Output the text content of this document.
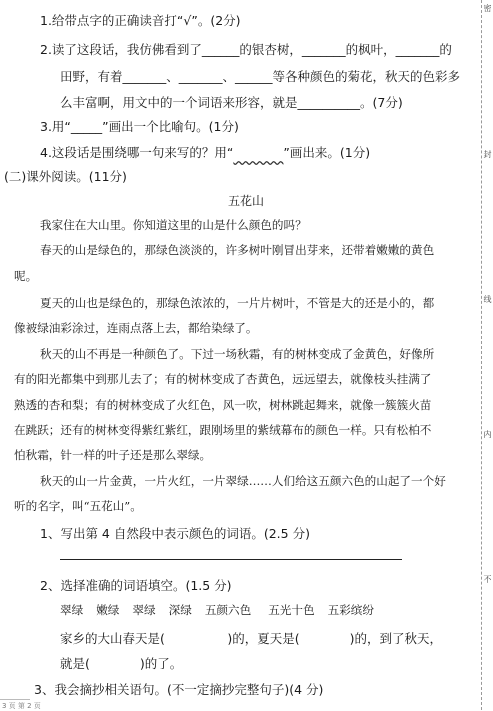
1.给带点字的正确读音打“√”。(2分)
2.读了这段话，我仿佛看到了______的银杏树，_______的枫叶，_______的
田野，有着_______、_______、______等各种颜色的菊花，秋天的色彩多
么丰富啊，用文中的一个词语来形容，就是__________。(7分)
3.用“_____”画出一个比喻句。(1分)
4.这段话是围绕哪一句来写的？用“　　　　	”画出来。(1分)
(二)课外阅读。(11分)
五花山
我家住在大山里。你知道这里的山是什么颜色的吗？
春天的山是绿色的，那绿色淡淡的，许多树叶刚冒出芽来，还带着嫩嫩的黄色
呢。
夏天的山也是绿色的，那绿色浓浓的，一片片树叶，不管是大的还是小的，都
像被绿油彩涂过，连雨点落上去，都给染绿了。
秋天的山不再是一种颜色了。下过一场秋霜，有的树林变成了金黄色，好像所
有的阳光都集中到那儿去了；有的树林变成了杏黄色，远远望去，就像枝头挂满了
熟透的杏和梨；有的树林变成了火红色，风一吹，树林跳起舞来，就像一簇簇火苗
在跳跃；还有的树林变得紫红紫红，跟刚场里的紫绒幕布的颜色一样。只有松柏不
怕秋霜，针一样的叶子还是那么翠绿。
秋天的山一片金黄，一片火红，一片翠绿……人们给这五颜六色的山起了一个好
听的名字，叫“五花山”。
1、写出第 4 自然段中表示颜色的词语。(2.5 分)
2、选择准确的词语填空。(1.5 分)
翠绿 嫩绿 翠绿 深绿 五颜六色 五光十色 五彩缤纷
家乡的大山春天是(　　　　　)的，夏天是(　　　　)的，到了秋天，
就是(　　　　)的了。
3、我会摘抄相关语句。(不一定摘抄完整句子)(4 分)
密
封
线
内
不
3 页 第 2 页
